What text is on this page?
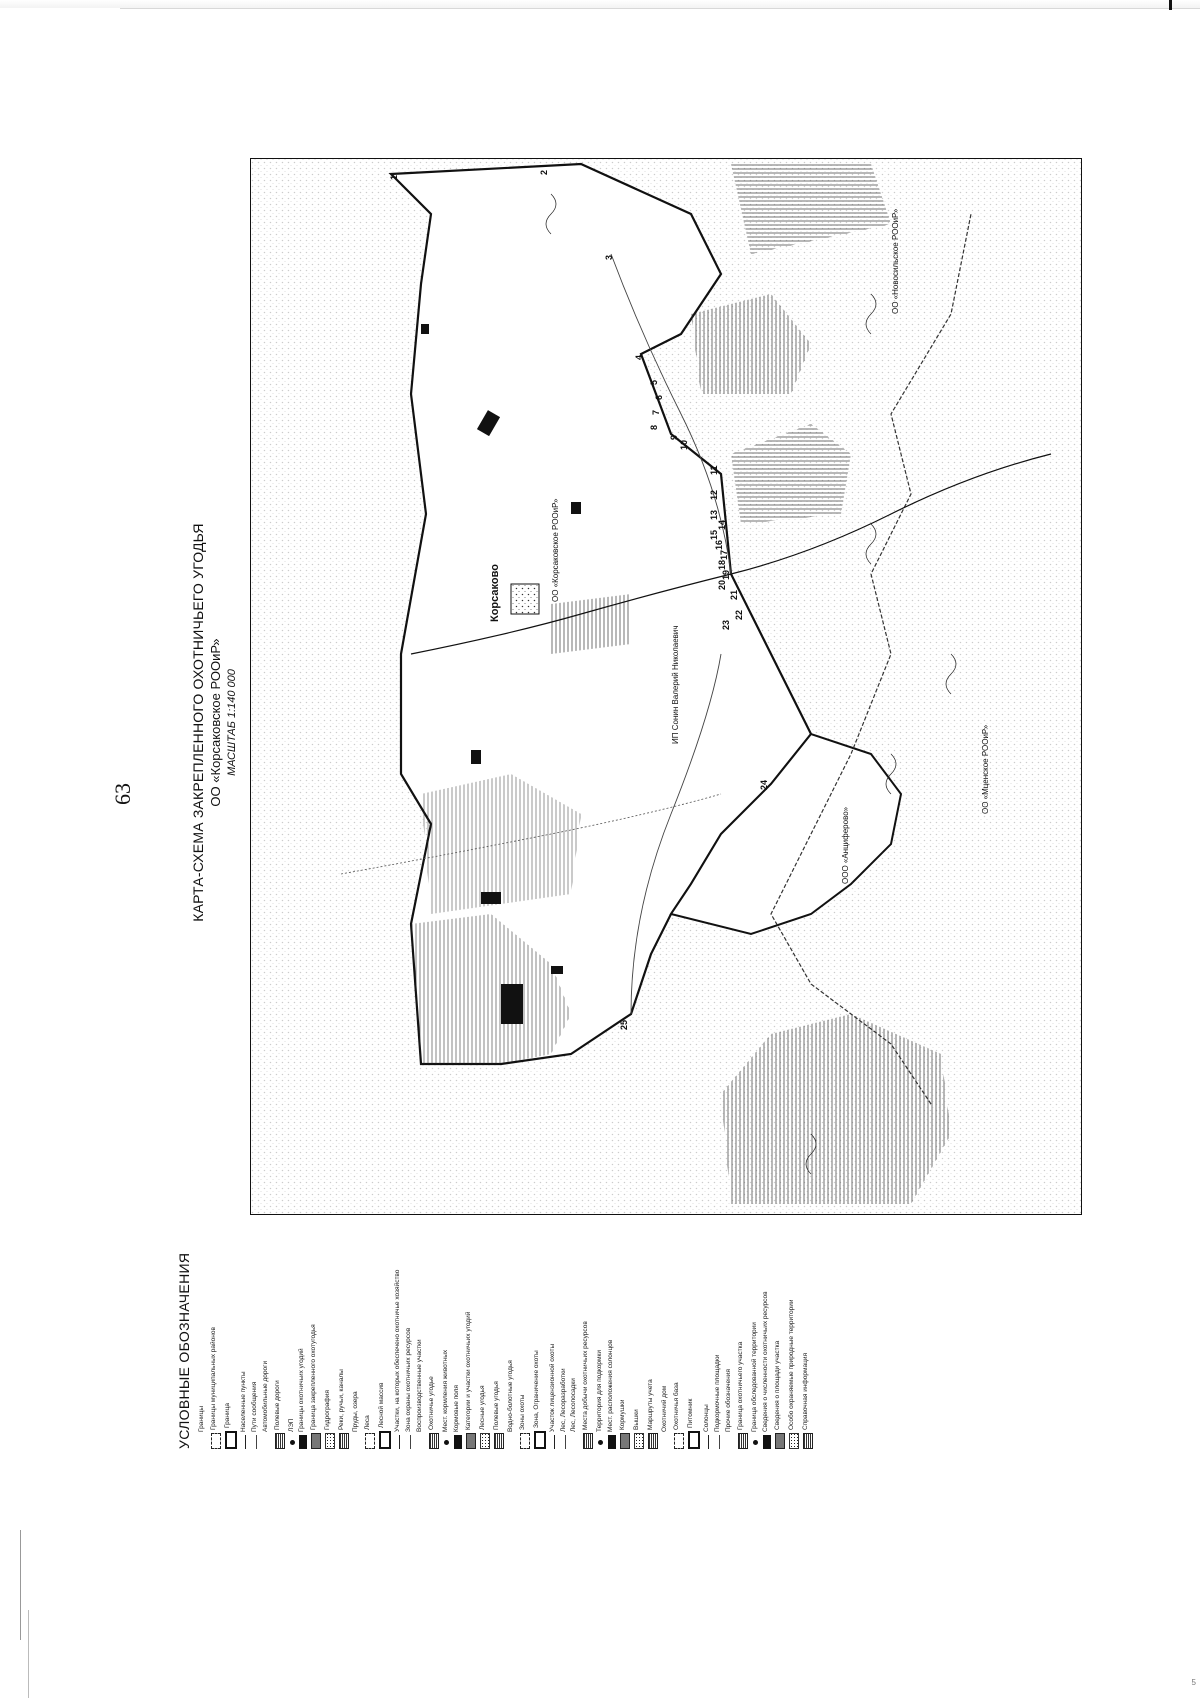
63	КАРТА-СХЕМА ЗАКРЕПЛЕННОГО ОХОТНИЧЬЕГО УГОДЬЯ ОО «Корсаковское РООиР» МАСШТАБ 1:140 000
УСЛОВНЫЕ ОБОЗНАЧЕНИЯ Границы Границы муниципальных районов Граница Населенные пункты Пути сообщения Автомобильные дороги Полевые дороги ЛЭП Границы охотничьих угодий Граница закрепленного охотугодья Гидрография Реки, ручьи, каналы Пруды, озера Леса Лесной массив Участки, на которых обеспечено охотничье хозяйство Зона охраны охотничьих ресурсов Воспроизводственные участки Охотничье угодье Мест. кормления животных Кормовые поля Категории и участки охотничьих угодий Лесные угодья Полевые угодья Водно-болотные угодья Зоны охоты Зона, Ограничение охоты Участок лицензионной охоты Лес, Лесоразработки Лес, Лесопосадки Места добычи охотничьих ресурсов Территория для подкормки Мест. расположения солонцов Кормушки Вышки Маршруты учета Охотничий дом Охотничья база Питомник Солонцы Подкормочные площадки Прочие обозначения Граница охотничьего участка Граница обследованной территории Сведения о численности охотничьих ресурсов Сведения о площади участка Особо охраняемые природные территории Справочная информация
Корсаково	ОО «Корсаковское РООиР»
ООО «Анциферово»
ИП Сонин Валерий Николаевич
ОО «Новосильское РООиР»
ОО «Мценское РООиР»
1
2
3
4
5
6
7
8
9
10
11
12
13
14
15
16
17
18
19
20
21
22
23
24
25
5
